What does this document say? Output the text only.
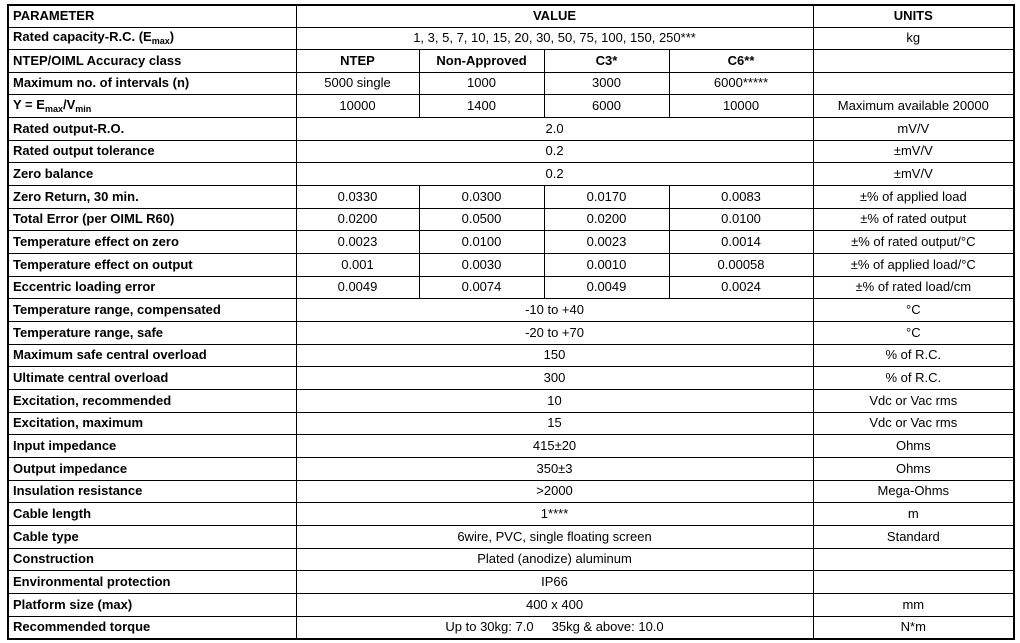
PARAMETER	VALUE				UNITS
Rated capacity-R.C. $(E_{max})$	1, 3, 5, 7, 10, 15, 20, 30, 50, 75, 100, 150, 250***				kg
NTEP/OIML Accuracy class	NTEP	Non-Approved	C3*	C6**	
Maximum no. of intervals (n)	5000 single	1000	3000	6000*****	
$Y = E_{max}/V_{min}$	10000	1400	6000	10000	Maximum available 20000
Rated output-R.O.	2.0				mV/V
Rated output tolerance	0.2				±mV/V
Zero balance	0.2				±mV/V
Zero Return, 30 min.	0.0330	0.0300	0.0170	0.0083	±% of applied load
Total Error (per OIML R60)	0.0200	0.0500	0.0200	0.0100	±% of rated output
Temperature effect on zero	0.0023	0.0100	0.0023	0.0014	±% of rated output/°C
Temperature effect on output	0.001	0.0030	0.0010	0.00058	±% of applied load/°C
Eccentric loading error	0.0049	0.0074	0.0049	0.0024	±% of rated load/cm
Temperature range, compensated	-10 to +40				°C
Temperature range, safe	-20 to +70				°C
Maximum safe central overload	150				% of R.C.
Ultimate central overload	300				% of R.C.
Excitation, recommended	10				Vdc or Vac rms
Excitation, maximum	15				Vdc or Vac rms
Input impedance	415±20				Ohms
Output impedance	350±3				Ohms
Insulation resistance	>2000				Mega-Ohms
Cable length	1****				m
Cable type	6wire, PVC, single floating screen				Standard
Construction	Plated (anodize) aluminum				
Environmental protection	IP66				
Platform size (max)	400 x 400				mm
Recommended torque	Up to 30kg: 7.0     35kg & above: 10.0				N*m
